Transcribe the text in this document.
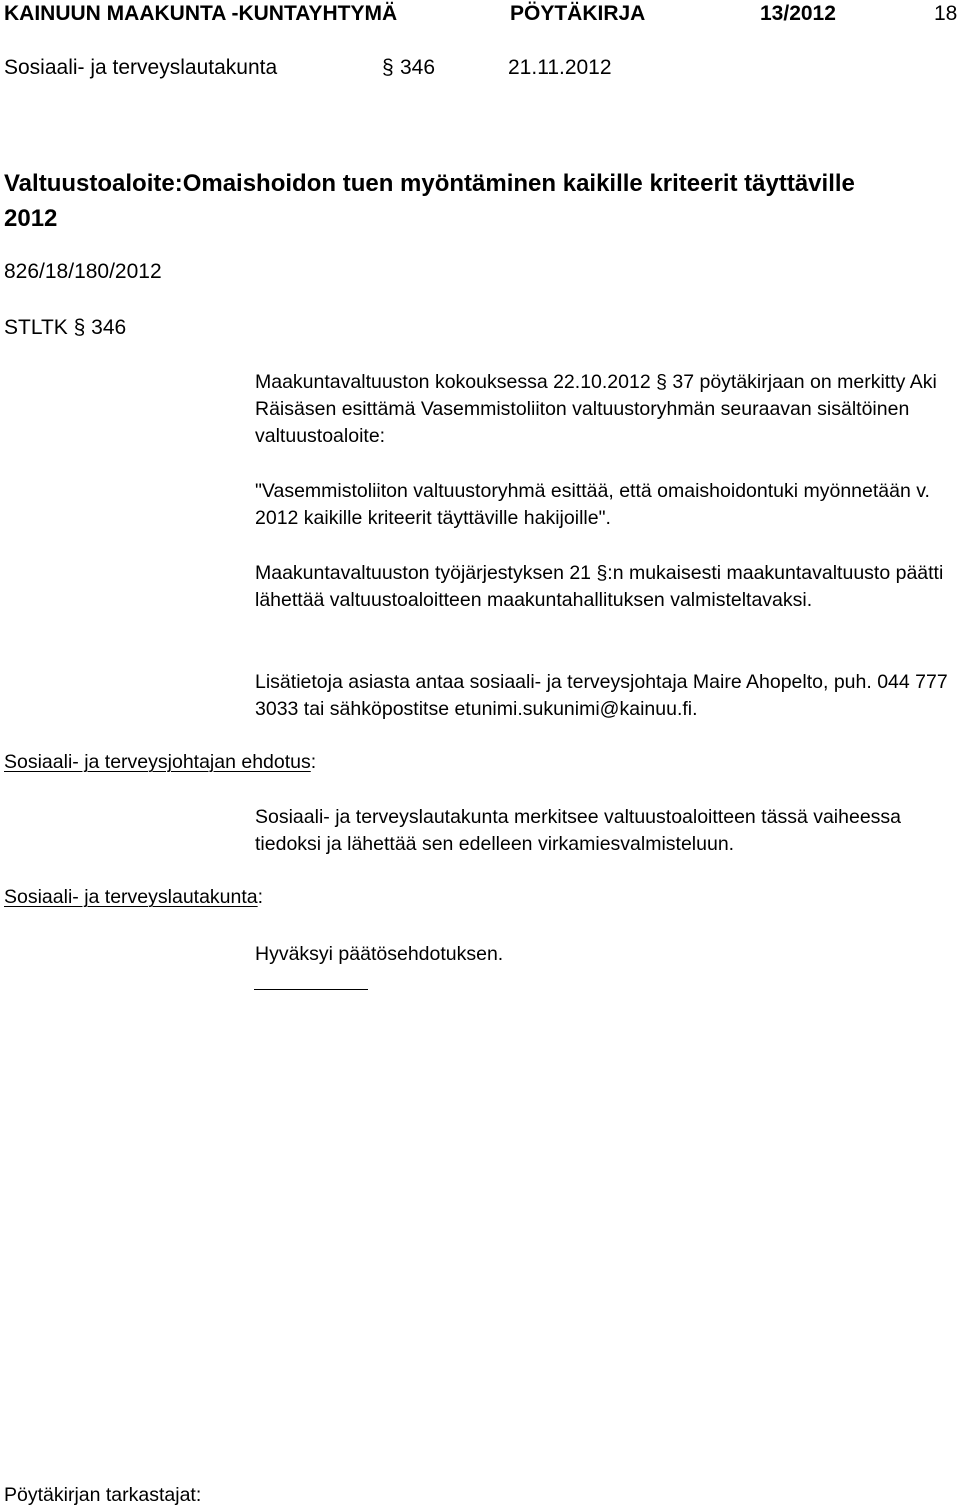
KAINUUN MAAKUNTA -KUNTAYHTYMÄ	PÖYTÄKIRJA	13/2012	18
Sosiaali- ja terveyslautakunta	§ 346	21.11.2012
Valtuustoaloite:Omaishoidon tuen myöntäminen kaikille kriteerit täyttäville 2012
826/18/180/2012
STLTK § 346
Maakuntavaltuuston kokouksessa 22.10.2012 § 37 pöytäkirjaan on merkitty Aki Räisäsen esittämä Vasemmistoliiton valtuustoryhmän seuraavan sisältöinen valtuustoaloite:
"Vasemmistoliiton valtuustoryhmä esittää, että omaishoidontuki myönnetään v. 2012 kaikille kriteerit täyttäville hakijoille".
Maakuntavaltuuston työjärjestyksen 21 §:n mukaisesti maakuntavaltuusto päätti lähettää valtuustoaloitteen maakuntahallituksen valmisteltavaksi.
Lisätietoja asiasta antaa sosiaali- ja terveysjohtaja Maire Ahopelto, puh. 044 777 3033 tai sähköpostitse etunimi.sukunimi@kainuu.fi.
Sosiaali- ja terveysjohtajan ehdotus:
Sosiaali- ja terveyslautakunta merkitsee valtuustoaloitteen tässä vaiheessa tiedoksi ja lähettää sen edelleen virkamiesvalmisteluun.
Sosiaali- ja terveyslautakunta:
Hyväksyi päätösehdotuksen.
Pöytäkirjan tarkastajat:
